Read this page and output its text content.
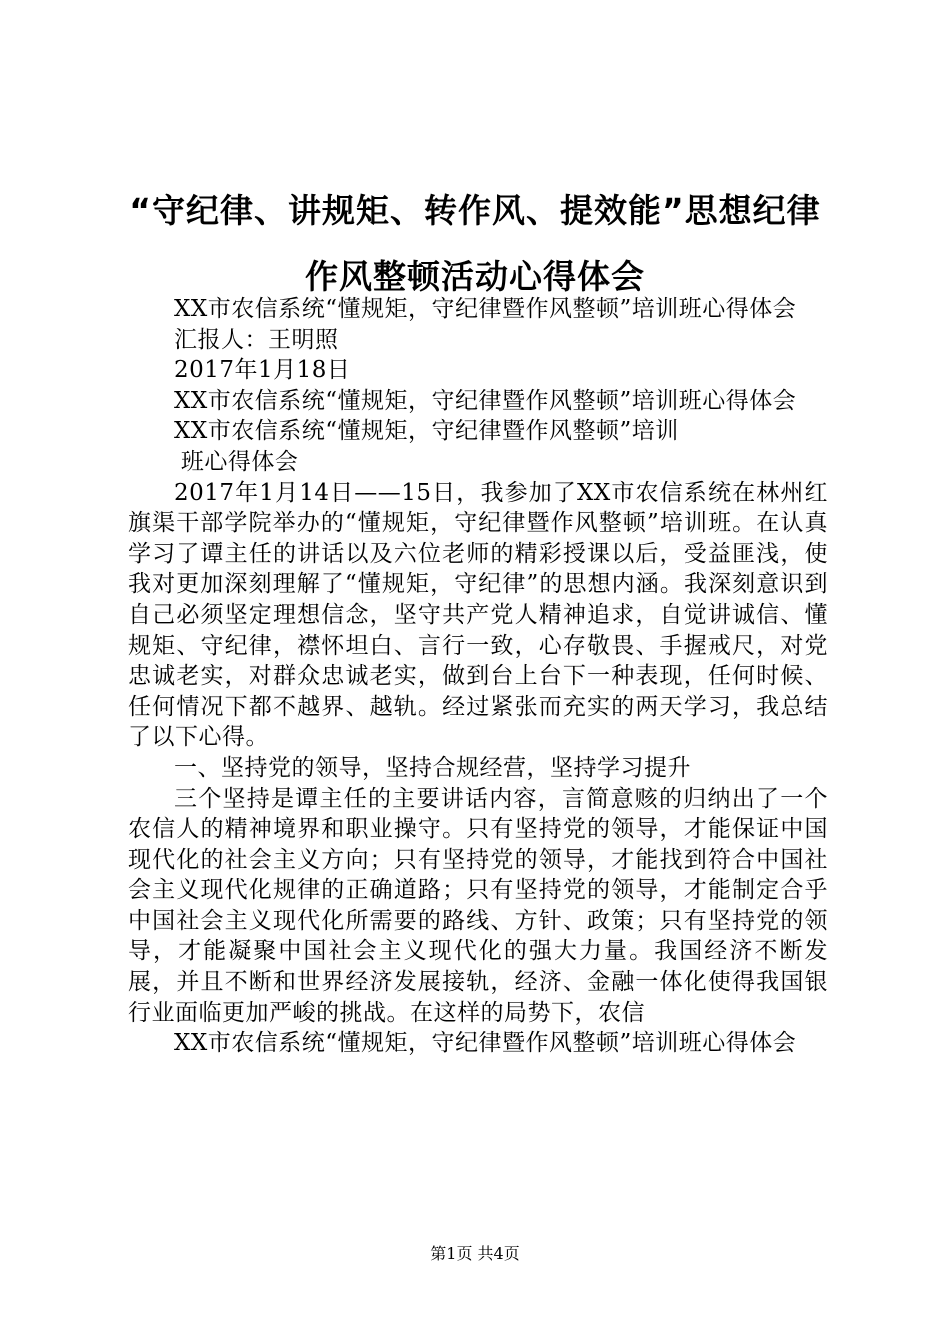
“守纪律、讲规矩、转作风、提效能”思想纪律作风整顿活动心得体会

XX市农信系统“懂规矩，守纪律暨作风整顿”培训班心得体会

汇报人：王明照

2017年1月18日

XX市农信系统“懂规矩，守纪律暨作风整顿”培训班心得体会

XX市农信系统“懂规矩，守纪律暨作风整顿”培训

班心得体会

2017年1月14日——15日，我参加了XX市农信系统在林州红旗渠干部学院举办的“懂规矩，守纪律暨作风整顿”培训班。在认真学习了谭主任的讲话以及六位老师的精彩授课以后，受益匪浅，使我对更加深刻理解了“懂规矩，守纪律”的思想内涵。我深刻意识到自己必须坚定理想信念，坚守共产党人精神追求，自觉讲诚信、懂规矩、守纪律，襟怀坦白、言行一致，心存敬畏、手握戒尺，对党忠诚老实，对群众忠诚老实，做到台上台下一种表现，任何时候、任何情况下都不越界、越轨。经过紧张而充实的两天学习，我总结了以下心得。

一、坚持党的领导，坚持合规经营，坚持学习提升

三个坚持是谭主任的主要讲话内容，言简意赅的归纳出了一个农信人的精神境界和职业操守。只有坚持党的领导，才能保证中国现代化的社会主义方向；只有坚持党的领导，才能找到符合中国社会主义现代化规律的正确道路；只有坚持党的领导，才能制定合乎中国社会主义现代化所需要的路线、方针、政策；只有坚持党的领导，才能凝聚中国社会主义现代化的强大力量。我国经济不断发展，并且不断和世界经济发展接轨，经济、金融一体化使得我国银行业面临更加严峻的挑战。在这样的局势下，农信

XX市农信系统“懂规矩，守纪律暨作风整顿”培训班心得体会

第1页 共4页
